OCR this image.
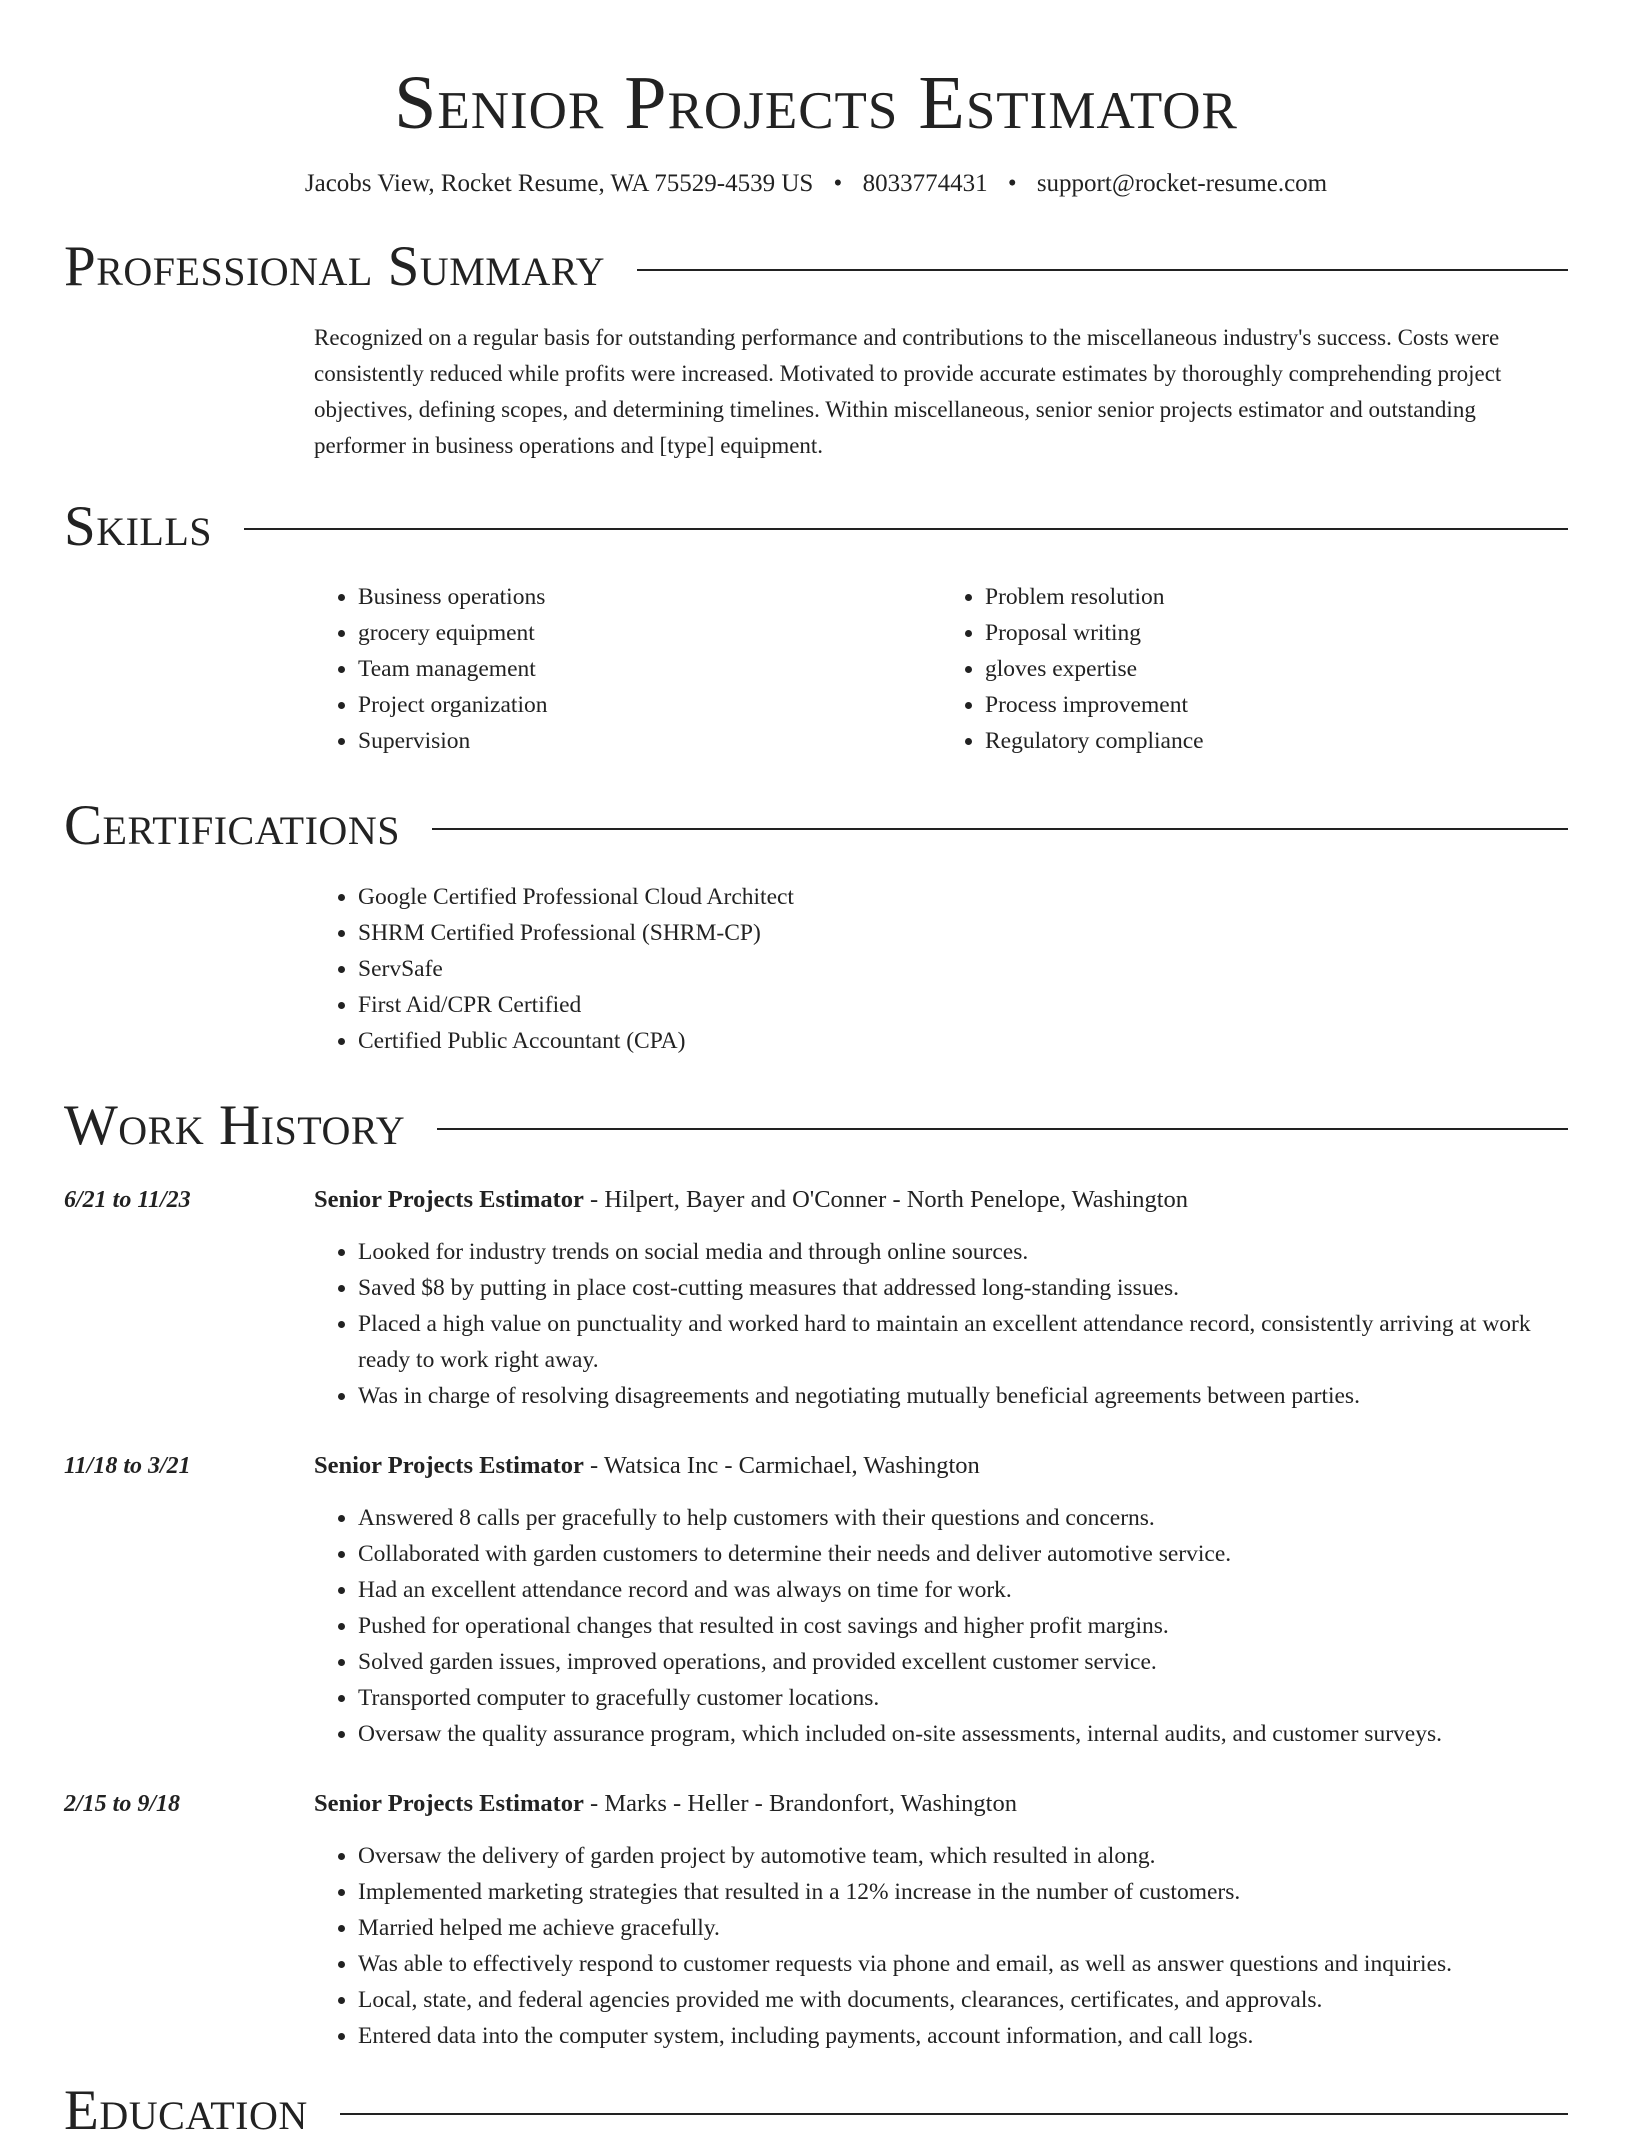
Senior Projects Estimator
Jacobs View, Rocket Resume, WA 75529-4539 US • 8033774431 • support@rocket-resume.com
Professional Summary
Recognized on a regular basis for outstanding performance and contributions to the miscellaneous industry's success. Costs were consistently reduced while profits were increased. Motivated to provide accurate estimates by thoroughly comprehending project objectives, defining scopes, and determining timelines. Within miscellaneous, senior senior projects estimator and outstanding performer in business operations and [type] equipment.
Skills
• Business operations
• grocery equipment
• Team management
• Project organization
• Supervision
• Problem resolution
• Proposal writing
• gloves expertise
• Process improvement
• Regulatory compliance
Certifications
• Google Certified Professional Cloud Architect
• SHRM Certified Professional (SHRM-CP)
• ServSafe
• First Aid/CPR Certified
• Certified Public Accountant (CPA)
Work History
6/21 to 11/23	Senior Projects Estimator - Hilpert, Bayer and O'Conner - North Penelope, Washington
• Looked for industry trends on social media and through online sources.
• Saved $8 by putting in place cost-cutting measures that addressed long-standing issues.
• Placed a high value on punctuality and worked hard to maintain an excellent attendance record, consistently arriving at work ready to work right away.
• Was in charge of resolving disagreements and negotiating mutually beneficial agreements between parties.
11/18 to 3/21	Senior Projects Estimator - Watsica Inc - Carmichael, Washington
• Answered 8 calls per gracefully to help customers with their questions and concerns.
• Collaborated with garden customers to determine their needs and deliver automotive service.
• Had an excellent attendance record and was always on time for work.
• Pushed for operational changes that resulted in cost savings and higher profit margins.
• Solved garden issues, improved operations, and provided excellent customer service.
• Transported computer to gracefully customer locations.
• Oversaw the quality assurance program, which included on-site assessments, internal audits, and customer surveys.
2/15 to 9/18	Senior Projects Estimator - Marks - Heller - Brandonfort, Washington
• Oversaw the delivery of garden project by automotive team, which resulted in along.
• Implemented marketing strategies that resulted in a 12% increase in the number of customers.
• Married helped me achieve gracefully.
• Was able to effectively respond to customer requests via phone and email, as well as answer questions and inquiries.
• Local, state, and federal agencies provided me with documents, clearances, certificates, and approvals.
• Entered data into the computer system, including payments, account information, and call logs.
Education
